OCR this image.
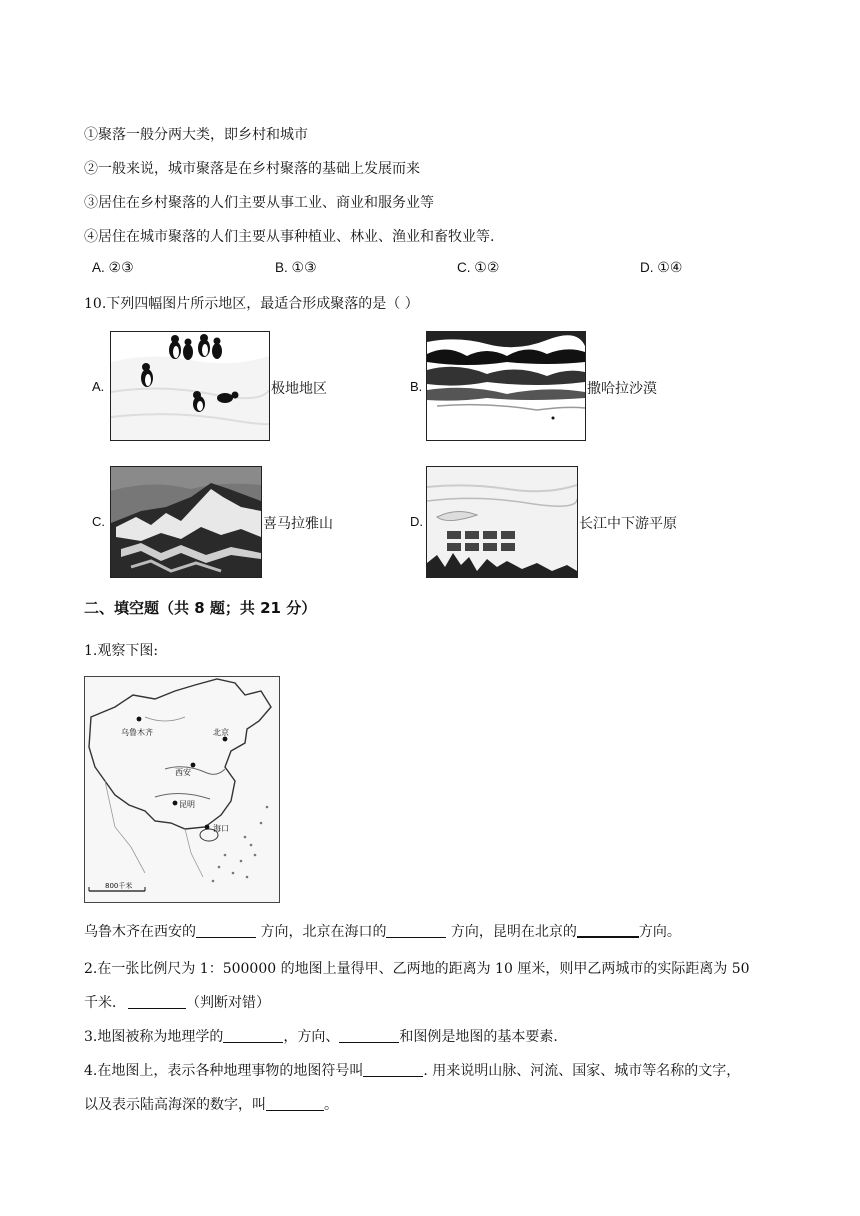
①聚落一般分两大类，即乡村和城市
②一般来说，城市聚落是在乡村聚落的基础上发展而来
③居住在乡村聚落的人们主要从事工业、商业和服务业等
④居住在城市聚落的人们主要从事种植业、林业、渔业和畜牧业等.
A. ②③	B. ①③	C. ①②	D. ①④
10.下列四幅图片所示地区，最适合形成聚落的是（ ）
A.	极地地区	B.	撒哈拉沙漠
C.	喜马拉雅山	D.	长江中下游平原
二、填空题（共 8 题；共 21 分）
1.观察下图:
乌鲁木齐	北京
西安
昆明
海口
800千米
乌鲁木齐在西安的	方向，北京在海口的	方向，昆明在北京的	方向。
2.在一张比例尺为 1：500000 的地图上量得甲、乙两地的距离为 10 厘米，则甲乙两城市的实际距离为 50
千米．	（判断对错）
3.地图被称为地理学的	，方向、	和图例是地图的基本要素.
4.在地图上，表示各种地理事物的地图符号叫	. 用来说明山脉、河流、国家、城市等名称的文字，
以及表示陆高海深的数字，叫	。
